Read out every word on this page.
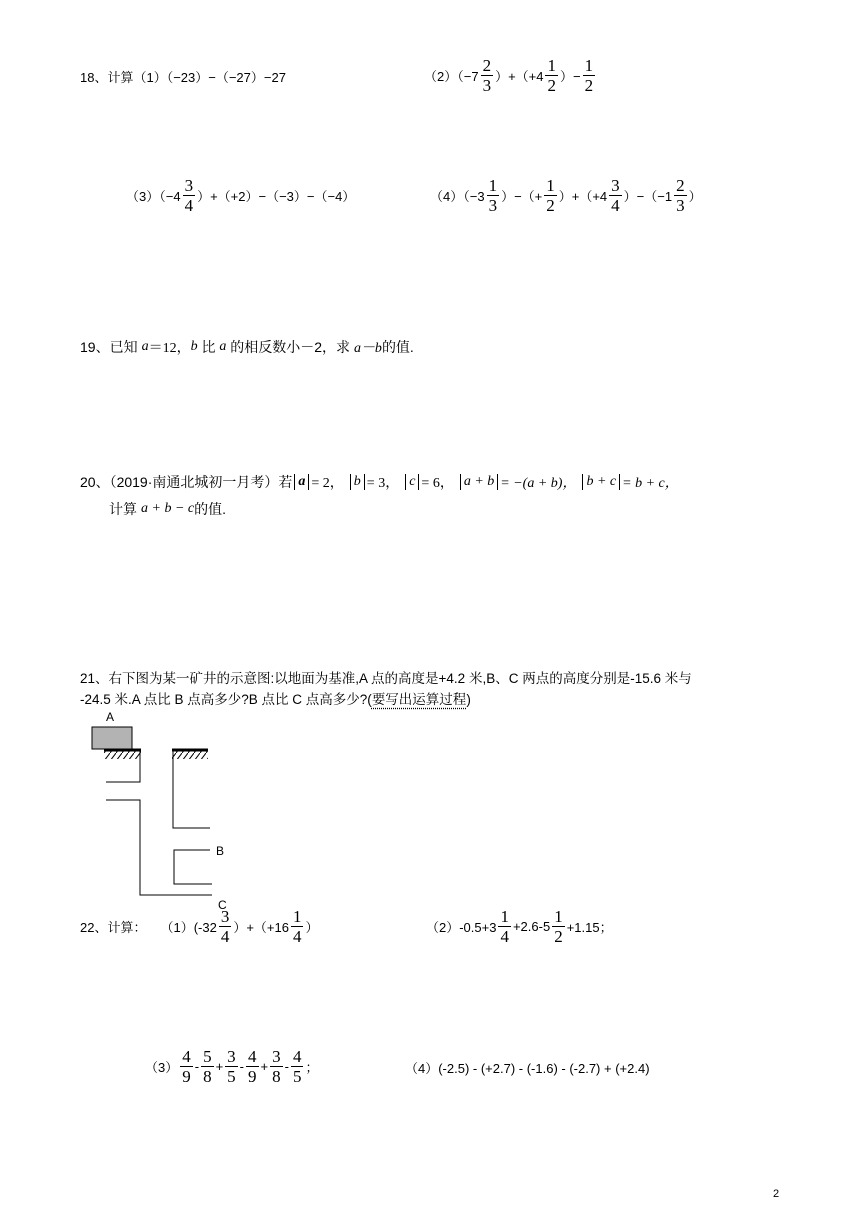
18、计算 （1）（−23）−（−27）−27	$(2)(-7 \frac{2}{3} )+(+4 \frac{1}{2}$ ）− $\frac{1}{2}$
$(3)(-4 \frac{3}{4} )+(+2)-(-3)-(-4)$	$(4)(-3 \frac{1}{3}$ ）−（+ $\frac{1}{2} )+(+4 \frac{3}{4} )-(-1 \frac{2}{3}$ ）
19、已知 a ＝12， b 比 a 的相反数小－2，求 a－b 的值.
20、（2019·南通北城初一月考）若 a = 2， b = 3， c = 6， a + b = −(a + b)， b + c = b + c，
计算 a + b − c 的值.
21、右下图为某一矿井的示意图:以地面为基准,A 点的高度是+4.2 米,B、C 两点的高度分别是-15.6 米与
-24.5 米.A 点比 B 点高多少?B 点比 C 点高多少?(要写出运算过程)
A
B
C
22、计算： $(1)(-32 \frac{3}{4} )+(+16 \frac{1}{4}$ ）	$(2)-0.5+3 \frac{1}{4} +2.6-5 \frac{1}{2} +1.15$；
$(3) \frac{4}{9} - \frac{5}{8} + \frac{3}{5} - \frac{4}{9} + \frac{3}{8} - \frac{4}{5}$ ；	（4）(-2.5) - (+2.7) - (-1.6) - (-2.7) + (+2.4)
2
